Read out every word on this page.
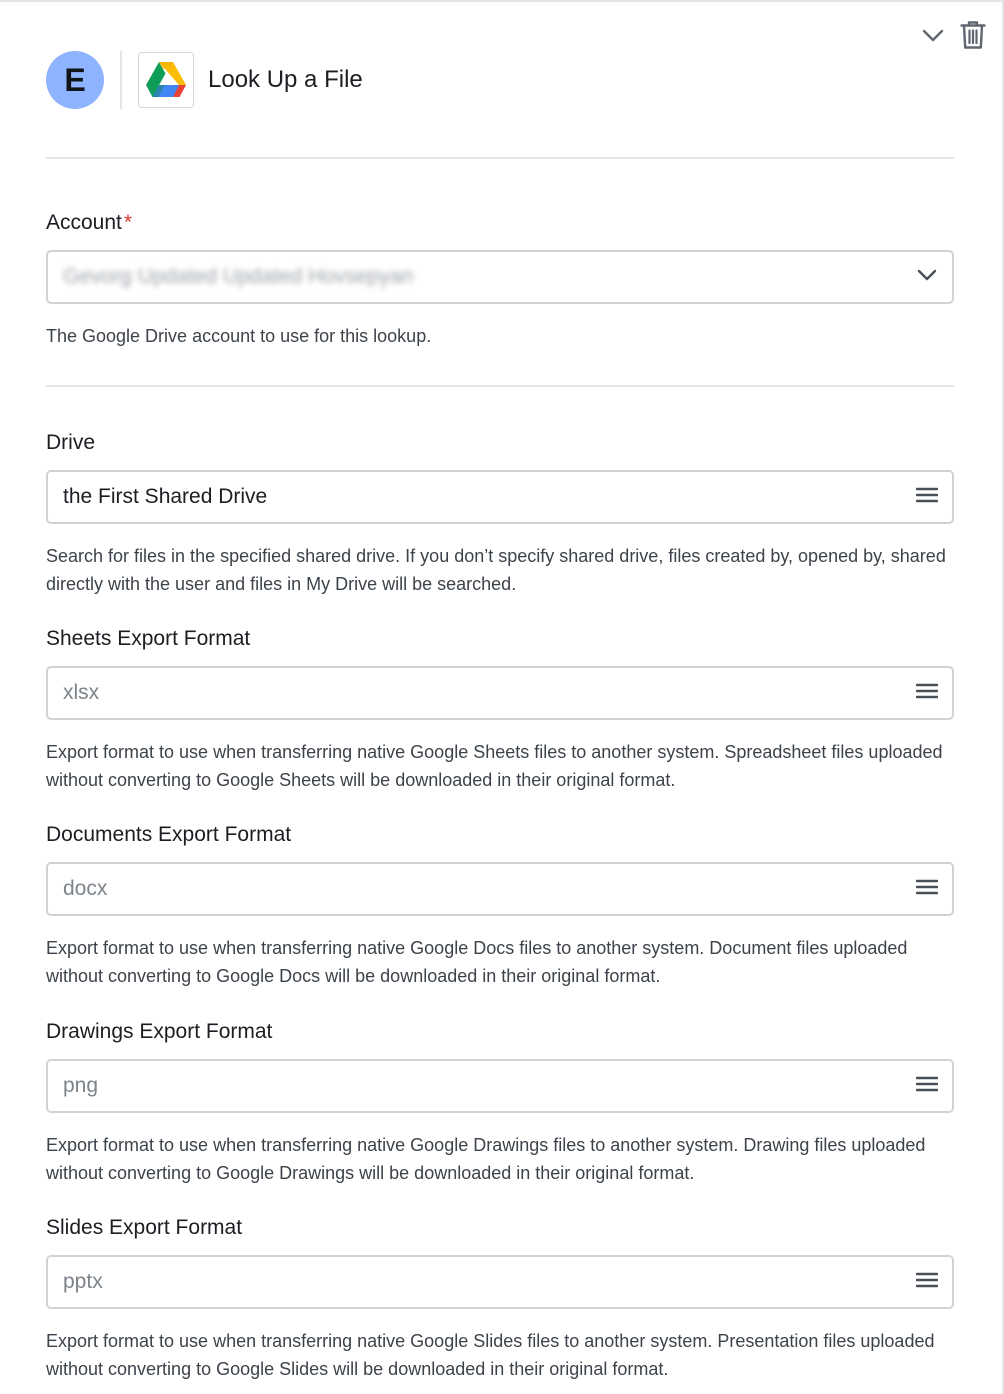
E	Look Up a File
Account*
Gevorg Updated Updated Hovsepyan
The Google Drive account to use for this lookup.
Drive
the First Shared Drive
Search for files in the specified shared drive. If you don’t specify shared drive, files created by, opened by, shared directly with the user and files in My Drive will be searched.
Sheets Export Format
xlsx
Export format to use when transferring native Google Sheets files to another system. Spreadsheet files uploaded without converting to Google Sheets will be downloaded in their original format.
Documents Export Format
docx
Export format to use when transferring native Google Docs files to another system. Document files uploaded without converting to Google Docs will be downloaded in their original format.
Drawings Export Format
png
Export format to use when transferring native Google Drawings files to another system. Drawing files uploaded without converting to Google Drawings will be downloaded in their original format.
Slides Export Format
pptx
Export format to use when transferring native Google Slides files to another system. Presentation files uploaded without converting to Google Slides will be downloaded in their original format.
